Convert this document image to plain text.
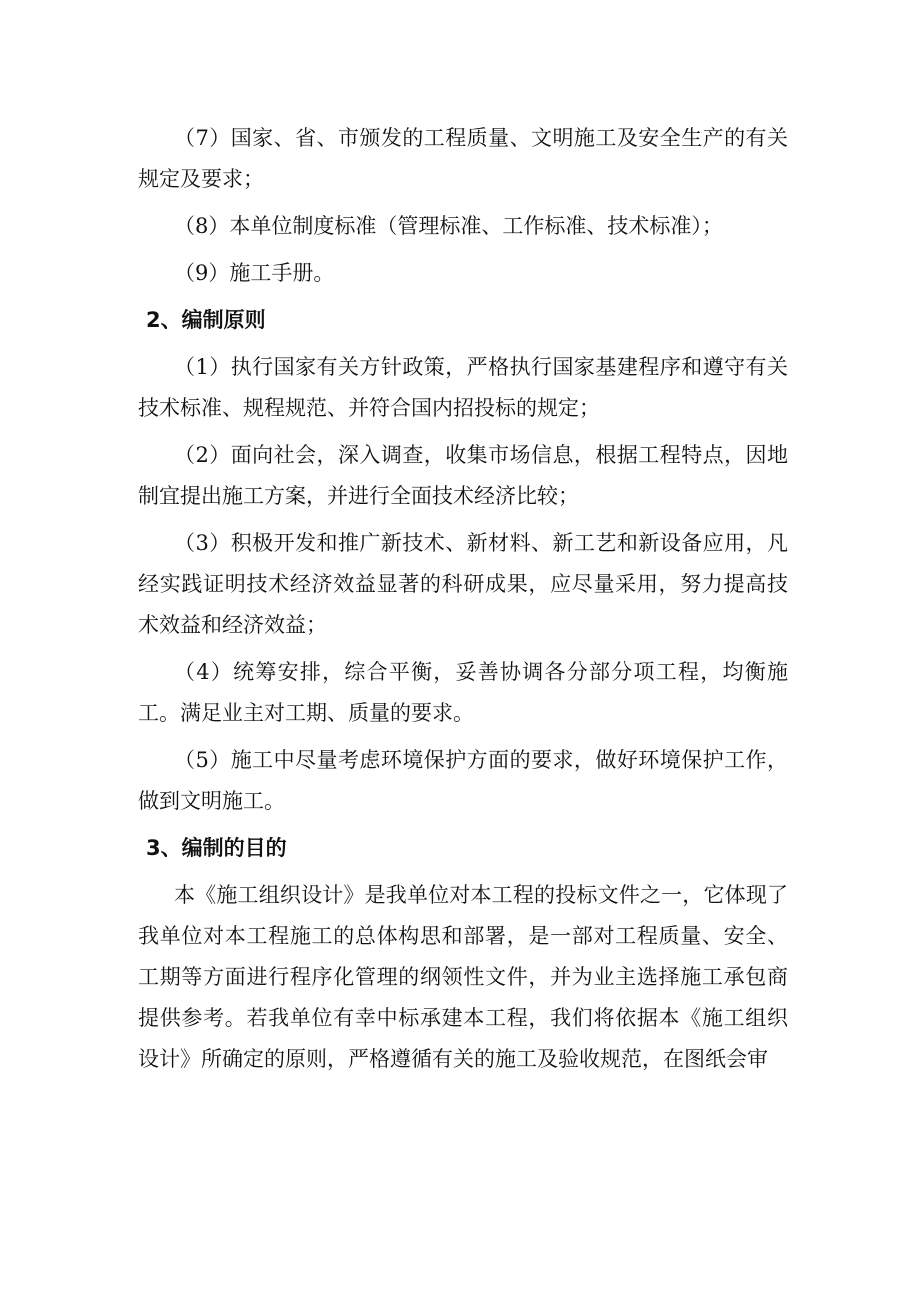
（7）国家、省、市颁发的工程质量、文明施工及安全生产的有关规定及要求；

（8）本单位制度标准（管理标准、工作标准、技术标准）；

（9）施工手册。

2、编制原则

（1）执行国家有关方针政策，严格执行国家基建程序和遵守有关技术标准、规程规范、并符合国内招投标的规定；

（2）面向社会，深入调查，收集市场信息，根据工程特点，因地制宜提出施工方案，并进行全面技术经济比较；

（3）积极开发和推广新技术、新材料、新工艺和新设备应用，凡经实践证明技术经济效益显著的科研成果，应尽量采用，努力提高技术效益和经济效益；

（4）统筹安排，综合平衡，妥善协调各分部分项工程，均衡施工。满足业主对工期、质量的要求。

（5）施工中尽量考虑环境保护方面的要求，做好环境保护工作，做到文明施工。

3、编制的目的

本《施工组织设计》是我单位对本工程的投标文件之一，它体现了我单位对本工程施工的总体构思和部署，是一部对工程质量、安全、工期等方面进行程序化管理的纲领性文件，并为业主选择施工承包商提供参考。若我单位有幸中标承建本工程，我们将依据本《施工组织设计》所确定的原则，严格遵循有关的施工及验收规范，在图纸会审
